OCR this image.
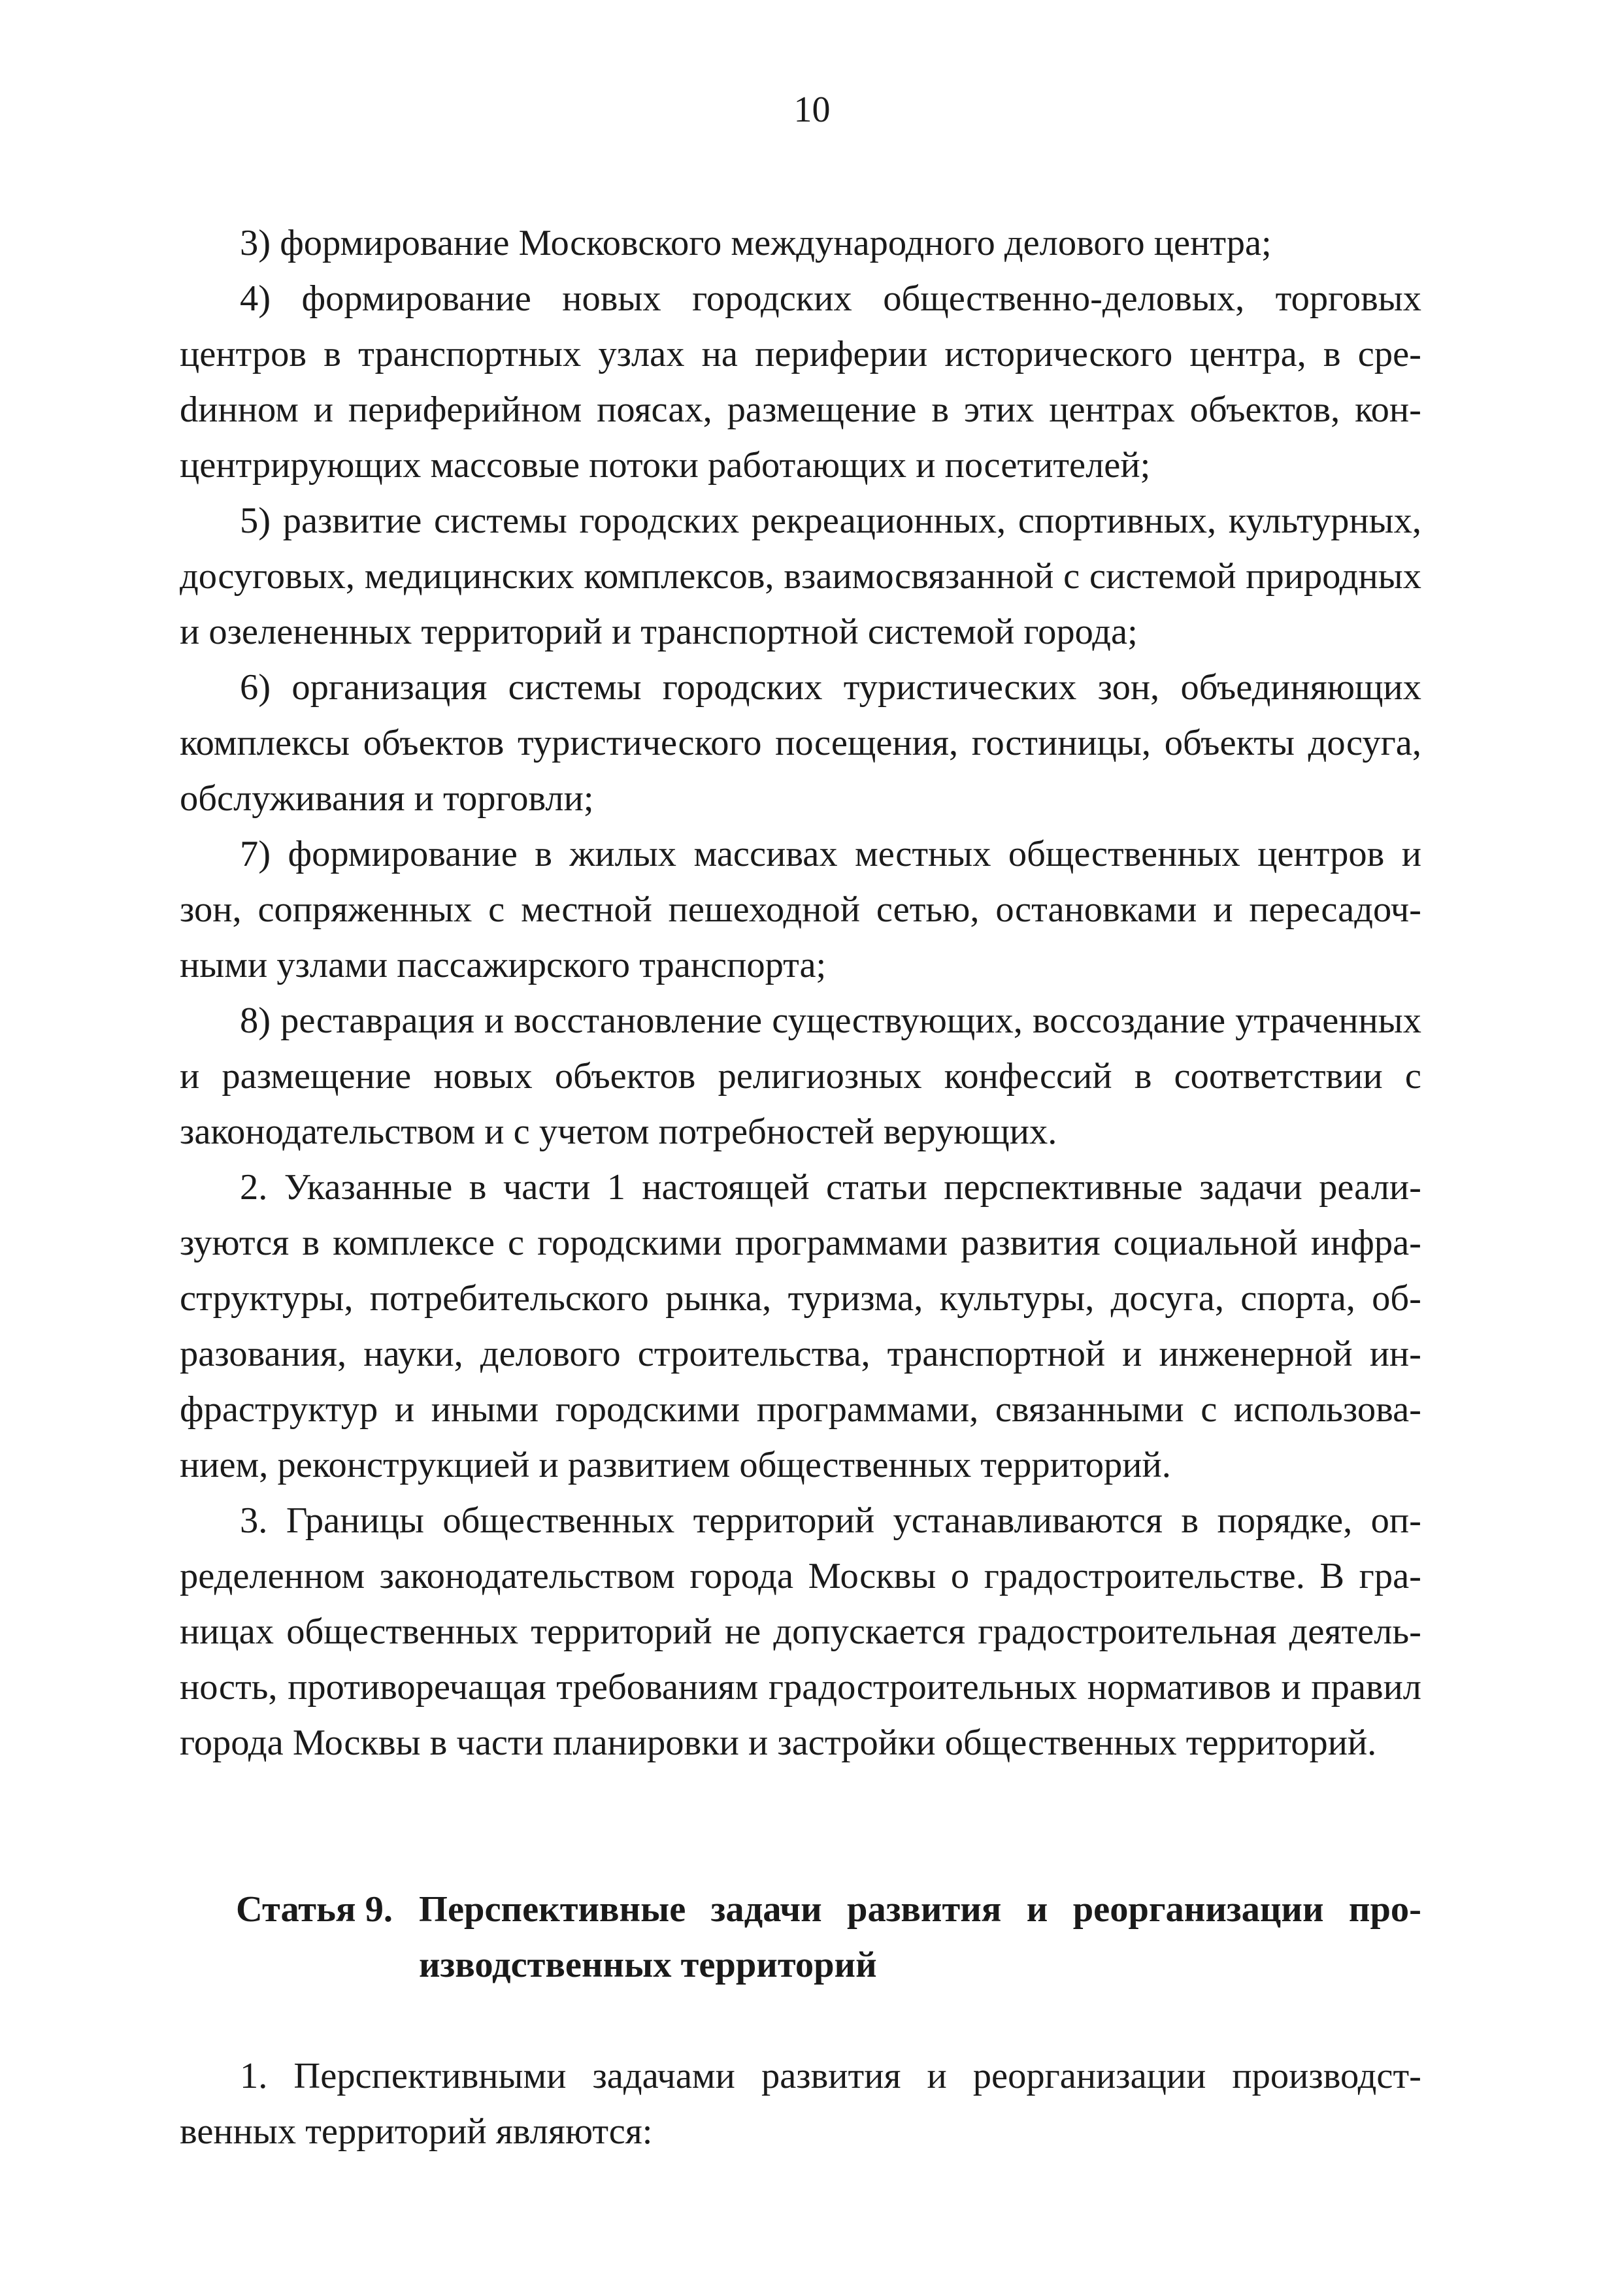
10

3) формирование Московского международного делового центра;

4) формирование новых городских общественно-деловых, торговых центров в транспортных узлах на периферии исторического центра, в среdинном и периферийном поясах, размещение в этих центрах объектов, концентрирующих массовые потоки работающих и посетителей;

5) развитие системы городских рекреационных, спортивных, культурных, досуговых, медицинских комплексов, взаимосвязанной с системой природных и озелененных территорий и транспортной системой города;

6) организация системы городских туристических зон, объединяющих комплексы объектов туристического посещения, гостиницы, объекты досуга, обслуживания и торговли;

7) формирование в жилых массивах местных общественных центров и зон, сопряженных с местной пешеходной сетью, остановками и пересадочными узлами пассажирского транспорта;

8) реставрация и восстановление существующих, воссоздание утраченных и размещение новых объектов религиозных конфессий в соответствии с законодательством и с учетом потребностей верующих.

2. Указанные в части 1 настоящей статьи перспективные задачи реализуются в комплексе с городскими программами развития социальной инфраструктуры, потребительского рынка, туризма, культуры, досуга, спорта, образования, науки, делового строительства, транспортной и инженерной инфраструктур и иными городскими программами, связанными с использованием, реконструкцией и развитием общественных территорий.

3. Границы общественных территорий устанавливаются в порядке, определенном законодательством города Москвы о градостроительстве. В границах общественных территорий не допускается градостроительная деятельность, противоречащая требованиям градостроительных нормативов и правил города Москвы в части планировки и застройки общественных территорий.

Статья 9. Перспективные задачи развития и реорганизации производственных территорий

1. Перспективными задачами развития и реорганизации производственных территорий являются:
